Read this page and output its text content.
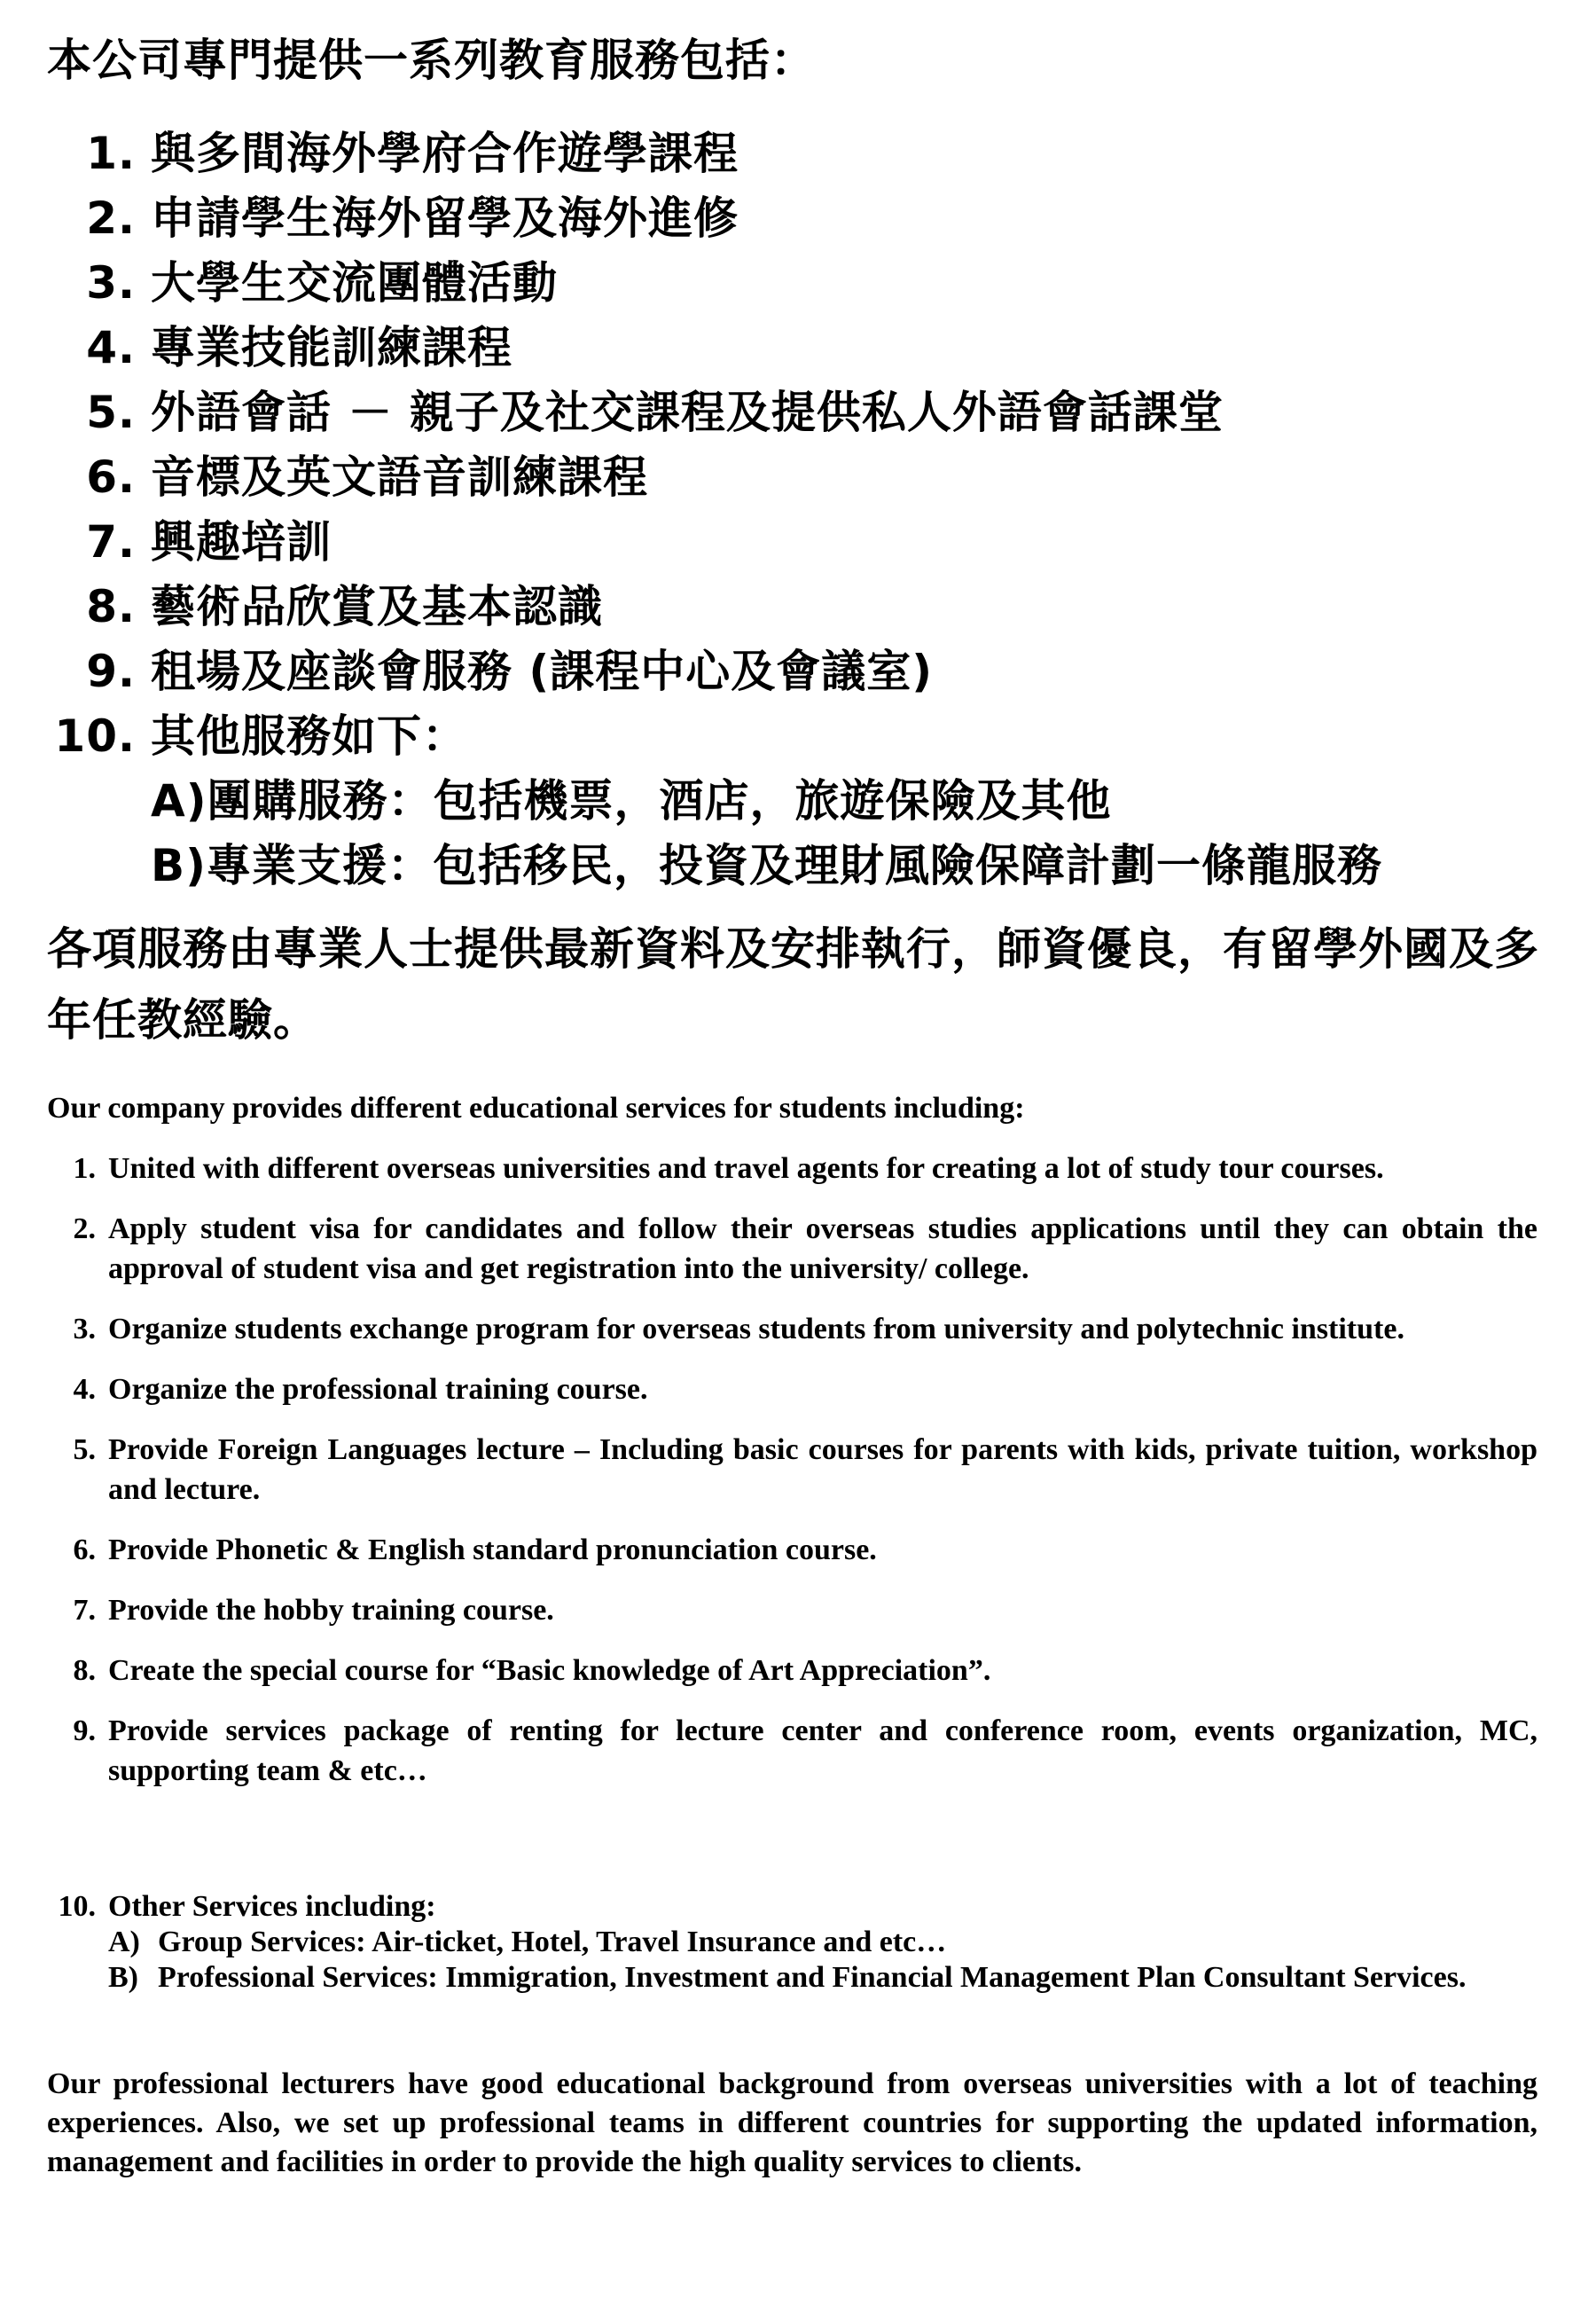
本公司專門提供一系列教育服務包括：
1. 與多間海外學府合作遊學課程
2. 申請學生海外留學及海外進修
3. 大學生交流團體活動
4. 專業技能訓練課程
5. 外語會話 － 親子及社交課程及提供私人外語會話課堂
6. 音標及英文語音訓練課程
7. 興趣培訓
8. 藝術品欣賞及基本認識
9. 租場及座談會服務 (課程中心及會議室)
10. 其他服務如下：
A)團購服務：包括機票，酒店，旅遊保險及其他
B)專業支援：包括移民，投資及理財風險保障計劃一條龍服務
各項服務由專業人士提供最新資料及安排執行，師資優良，有留學外國及多年任教經驗。
Our company provides different educational services for students including:
1. United with different overseas universities and travel agents for creating a lot of study tour courses.
2. Apply student visa for candidates and follow their overseas studies applications until they can obtain the approval of student visa and get registration into the university/ college.
3. Organize students exchange program for overseas students from university and polytechnic institute.
4. Organize the professional training course.
5. Provide Foreign Languages lecture – Including basic courses for parents with kids, private tuition, workshop and lecture.
6. Provide Phonetic & English standard pronunciation course.
7. Provide the hobby training course.
8. Create the special course for “Basic knowledge of Art Appreciation”.
9. Provide services package of renting for lecture center and conference room, events organization, MC, supporting team & etc…
10. Other Services including:
A) Group Services: Air-ticket, Hotel, Travel Insurance and etc…
B) Professional Services: Immigration, Investment and Financial Management Plan Consultant Services.
Our professional lecturers have good educational background from overseas universities with a lot of teaching experiences. Also, we set up professional teams in different countries for supporting the updated information, management and facilities in order to provide the high quality services to clients.
